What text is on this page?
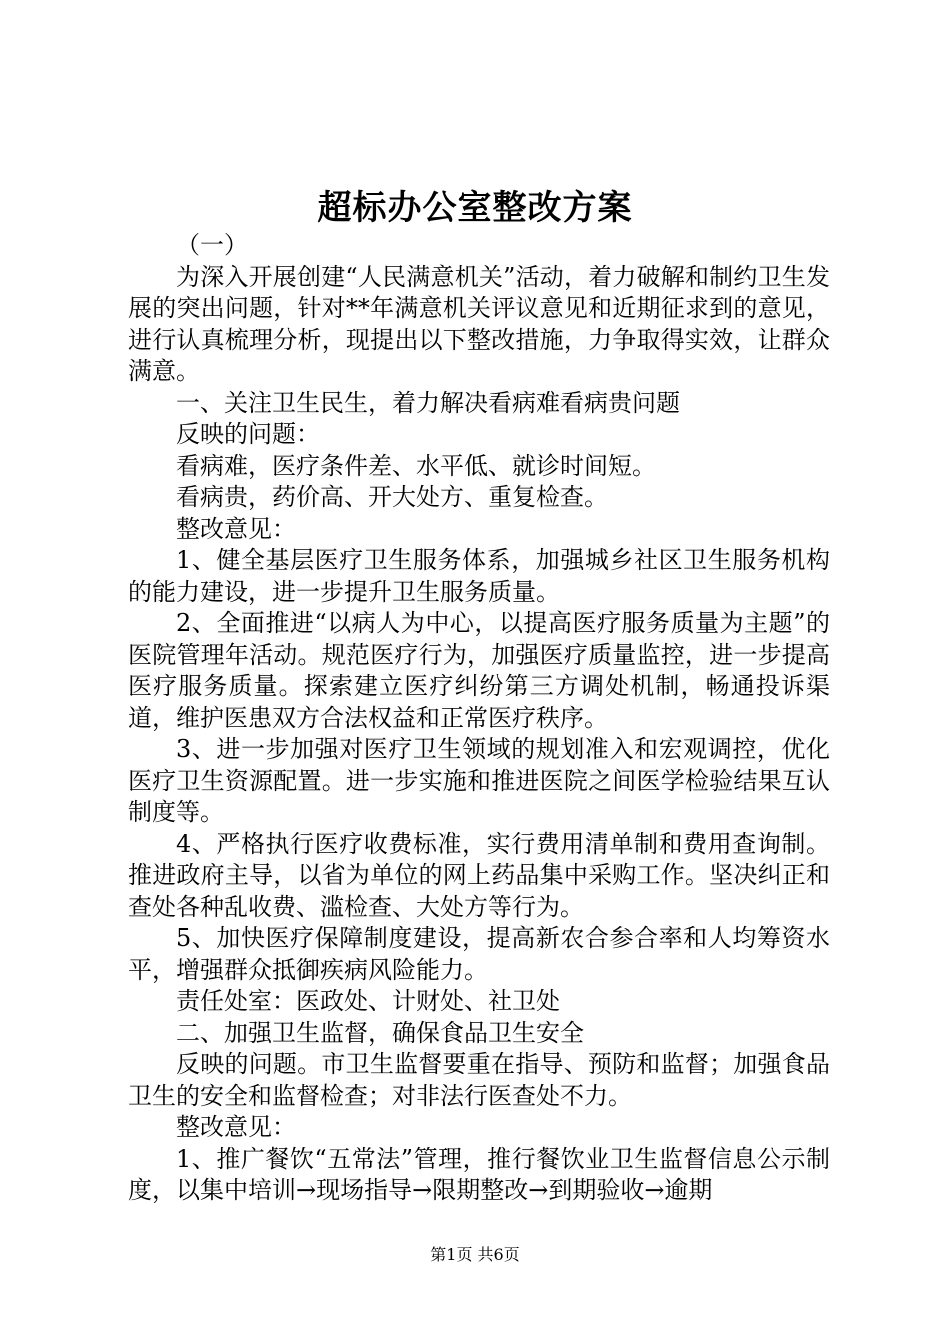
超标办公室整改方案

（一）

为深入开展创建“人民满意机关”活动，着力破解和制约卫生发展的突出问题，针对**年满意机关评议意见和近期征求到的意见，进行认真梳理分析，现提出以下整改措施，力争取得实效，让群众满意。

一、关注卫生民生，着力解决看病难看病贵问题

反映的问题：

看病难，医疗条件差、水平低、就诊时间短。

看病贵，药价高、开大处方、重复检查。

整改意见：

1、健全基层医疗卫生服务体系，加强城乡社区卫生服务机构的能力建设，进一步提升卫生服务质量。

2、全面推进“以病人为中心，以提高医疗服务质量为主题”的医院管理年活动。规范医疗行为，加强医疗质量监控，进一步提高医疗服务质量。探索建立医疗纠纷第三方调处机制，畅通投诉渠道，维护医患双方合法权益和正常医疗秩序。

3、进一步加强对医疗卫生领域的规划准入和宏观调控，优化医疗卫生资源配置。进一步实施和推进医院之间医学检验结果互认制度等。

4、严格执行医疗收费标准，实行费用清单制和费用查询制。推进政府主导，以省为单位的网上药品集中采购工作。坚决纠正和查处各种乱收费、滥检查、大处方等行为。

5、加快医疗保障制度建设，提高新农合参合率和人均筹资水平，增强群众抵御疾病风险能力。

责任处室：医政处、计财处、社卫处

二、加强卫生监督，确保食品卫生安全

反映的问题。市卫生监督要重在指导、预防和监督；加强食品卫生的安全和监督检查；对非法行医查处不力。

整改意见：

1、推广餐饮“五常法”管理，推行餐饮业卫生监督信息公示制度，以集中培训→现场指导→限期整改→到期验收→逾期

第1页 共6页
